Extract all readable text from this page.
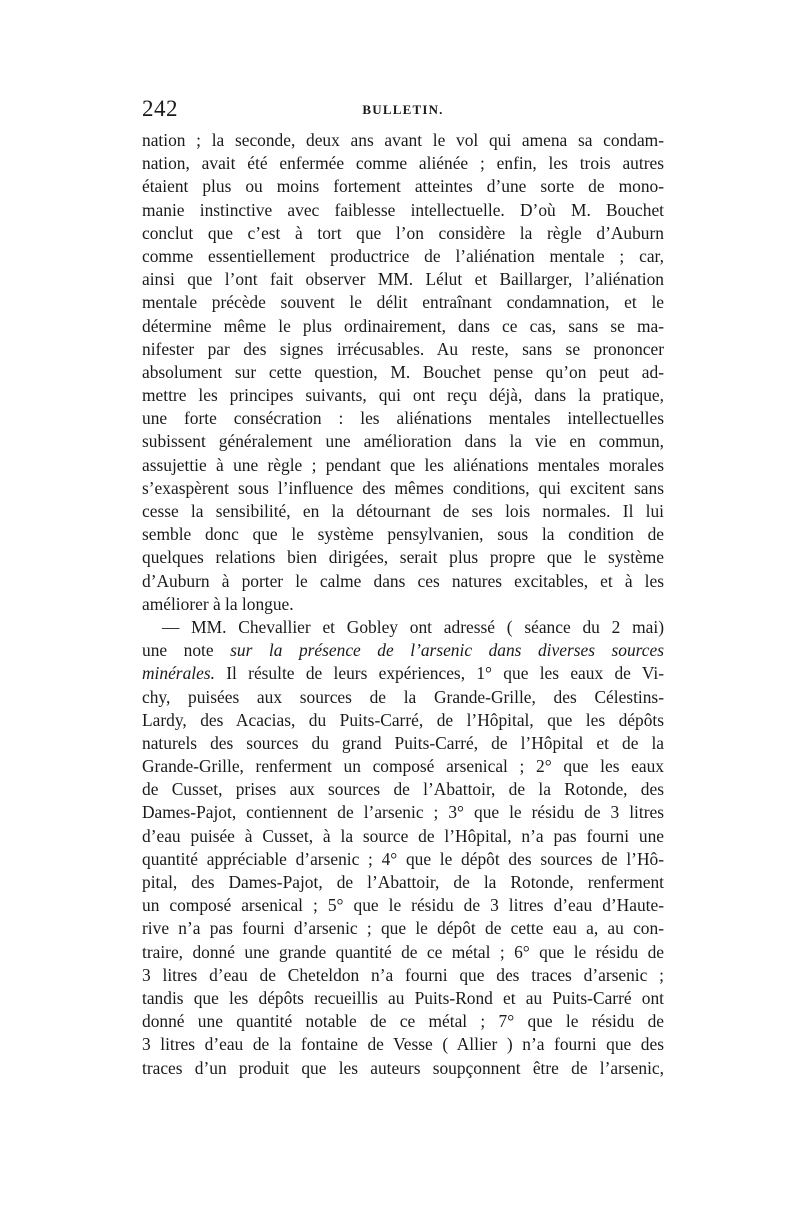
242	BULLETIN.
nation ; la seconde, deux ans avant le vol qui amena sa condam-
nation, avait été enfermée comme aliénée ; enfin, les trois autres
étaient plus ou moins fortement atteintes d’une sorte de mono-
manie instinctive avec faiblesse intellectuelle. D’où M. Bouchet
conclut que c’est à tort que l’on considère la règle d’Auburn
comme essentiellement productrice de l’aliénation mentale ; car,
ainsi que l’ont fait observer MM. Lélut et Baillarger, l’aliénation
mentale précède souvent le délit entraînant condamnation, et le
détermine même le plus ordinairement, dans ce cas, sans se ma-
nifester par des signes irrécusables. Au reste, sans se prononcer
absolument sur cette question, M. Bouchet pense qu’on peut ad-
mettre les principes suivants, qui ont reçu déjà, dans la pratique,
une forte consécration : les aliénations mentales intellectuelles
subissent généralement une amélioration dans la vie en commun,
assujettie à une règle ; pendant que les aliénations mentales morales
s’exaspèrent sous l’influence des mêmes conditions, qui excitent sans
cesse la sensibilité, en la détournant de ses lois normales. Il lui
semble donc que le système pensylvanien, sous la condition de
quelques relations bien dirigées, serait plus propre que le système
d’Auburn à porter le calme dans ces natures excitables, et à les
améliorer à la longue.
— MM. Chevallier et Gobley ont adressé ( séance du 2 mai)
une note sur la présence de l’arsenic dans diverses sources
minérales. Il résulte de leurs expériences, 1° que les eaux de Vi-
chy, puisées aux sources de la Grande-Grille, des Célestins-
Lardy, des Acacias, du Puits-Carré, de l’Hôpital, que les dépôts
naturels des sources du grand Puits-Carré, de l’Hôpital et de la
Grande-Grille, renferment un composé arsenical ; 2° que les eaux
de Cusset, prises aux sources de l’Abattoir, de la Rotonde, des
Dames-Pajot, contiennent de l’arsenic ; 3° que le résidu de 3 litres
d’eau puisée à Cusset, à la source de l’Hôpital, n’a pas fourni une
quantité appréciable d’arsenic ; 4° que le dépôt des sources de l’Hô-
pital, des Dames-Pajot, de l’Abattoir, de la Rotonde, renferment
un composé arsenical ; 5° que le résidu de 3 litres d’eau d’Haute-
rive n’a pas fourni d’arsenic ; que le dépôt de cette eau a, au con-
traire, donné une grande quantité de ce métal ; 6° que le résidu de
3 litres d’eau de Cheteldon n’a fourni que des traces d’arsenic ;
tandis que les dépôts recueillis au Puits-Rond et au Puits-Carré ont
donné une quantité notable de ce métal ; 7° que le résidu de
3 litres d’eau de la fontaine de Vesse ( Allier ) n’a fourni que des
traces d’un produit que les auteurs soupçonnent être de l’arsenic,
